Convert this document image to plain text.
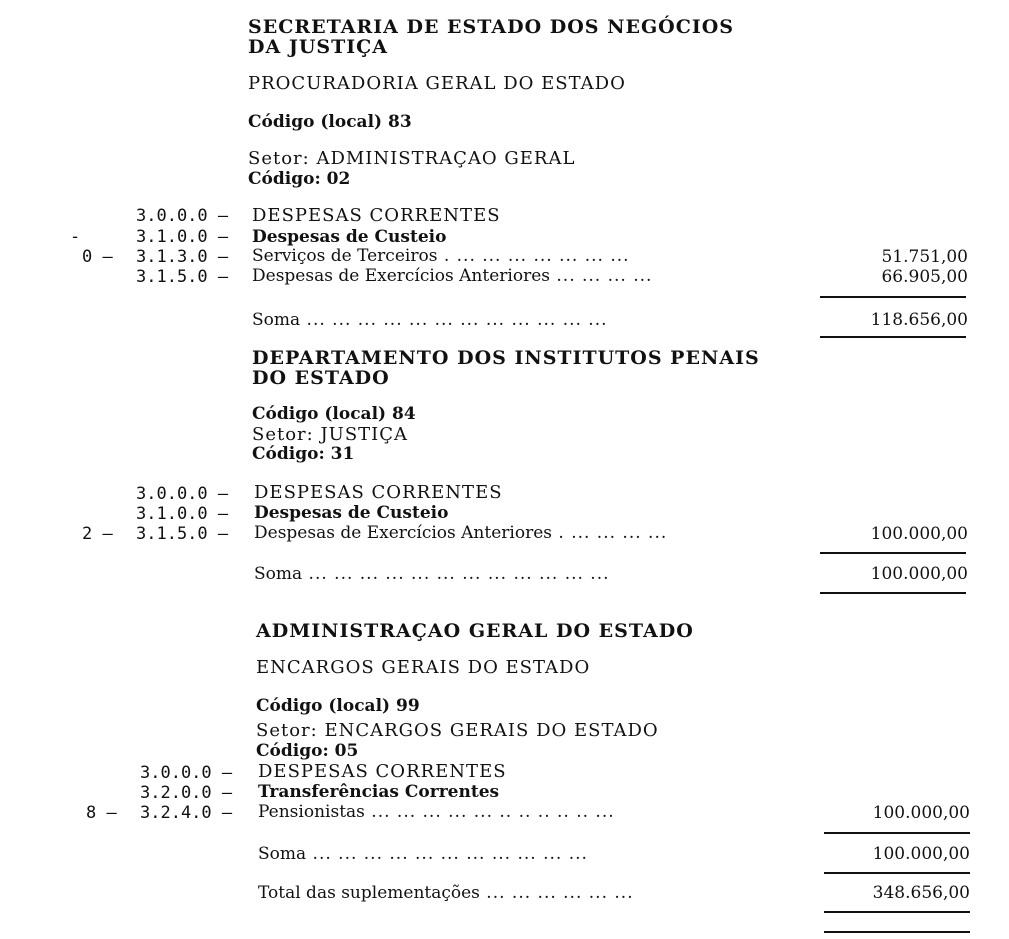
SECRETARIA DE ESTADO DOS NEGÓCIOS
DA JUSTIÇA
PROCURADORIA GERAL DO ESTADO
Código (local) 83
Setor: ADMINISTRAÇAO GERAL
Código: 02
3.0.0.0 — DESPESAS CORRENTES
-	3.1.0.0 — Despesas de Custeio
0 — 3.1.3.0 — Serviços de Terceiros . ... ... ... ... ... ... ...	51.751,00
3.1.5.0 — Despesas de Exercícios Anteriores ... ... ... ...	66.905,00
Soma ... ... ... ... ... ... ... ... ... ... ... ...	118.656,00
DEPARTAMENTO DOS INSTITUTOS PENAIS
DO ESTADO
Código (local) 84
Setor: JUSTIÇA
Código: 31
3.0.0.0 — DESPESAS CORRENTES
3.1.0.0 — Despesas de Custeio
2 — 3.1.5.0 — Despesas de Exercícios Anteriores . ... ... ... ...	100.000,00
Soma ... ... ... ... ... ... ... ... ... ... ... ...	100.000,00
ADMINISTRAÇAO GERAL DO ESTADO
ENCARGOS GERAIS DO ESTADO
Código (local) 99
Setor: ENCARGOS GERAIS DO ESTADO
Código: 05
3.0.0.0 — DESPESAS CORRENTES
3.2.0.0 — Transferências Correntes
8 — 3.2.4.0 — Pensionistas ... ... ... ... ... .. .. .. .. .. ...	100.000,00
Soma ... ... ... ... ... ... ... ... ... ... ...	100.000,00
Total das suplementações ... ... ... ... ... ...	348.656,00
